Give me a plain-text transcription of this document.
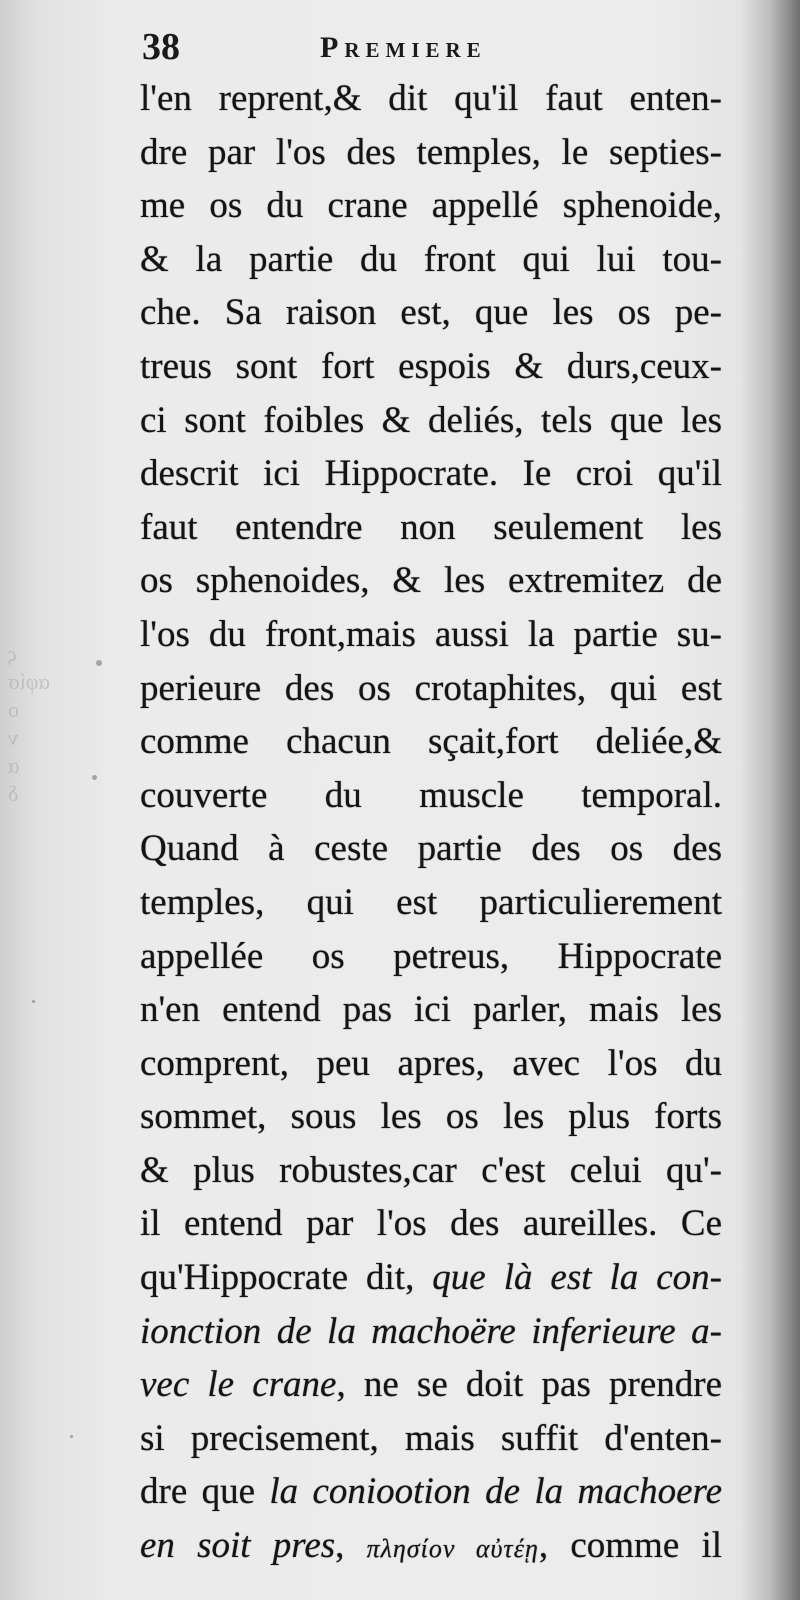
ς
αφίσ
ο
ν
α
δ
38	Premiere
l'en reprent,& dit qu'il faut enten-
dre par l'os des temples, le septies-
me os du crane appellé sphenoide,
& la partie du front qui lui tou-
che. Sa raison est, que les os pe-
treus sont fort espois & durs,ceux-
ci sont foibles & deliés, tels que les
descrit ici Hippocrate. Ie croi qu'il
faut entendre non seulement les
os sphenoides, & les extremitez de
l'os du front,mais aussi la partie su-
perieure des os crotaphites, qui est
comme chacun sçait,fort deliée,&
couverte du muscle temporal.
Quand à ceste partie des os des
temples, qui est particulierement
appellée os petreus, Hippocrate
n'en entend pas ici parler, mais les
comprent, peu apres, avec l'os du
sommet, sous les os les plus forts
& plus robustes,car c'est celui qu'-
il entend par l'os des aureilles. Ce
qu'Hippocrate dit, que là est la con-
ionction de la machoëre inferieure a-
vec le crane, ne se doit pas prendre
si precisement, mais suffit d'enten-
dre que la coniootion de la machoere
en soit pres, πλησίον αὐτέῃ, comme il
